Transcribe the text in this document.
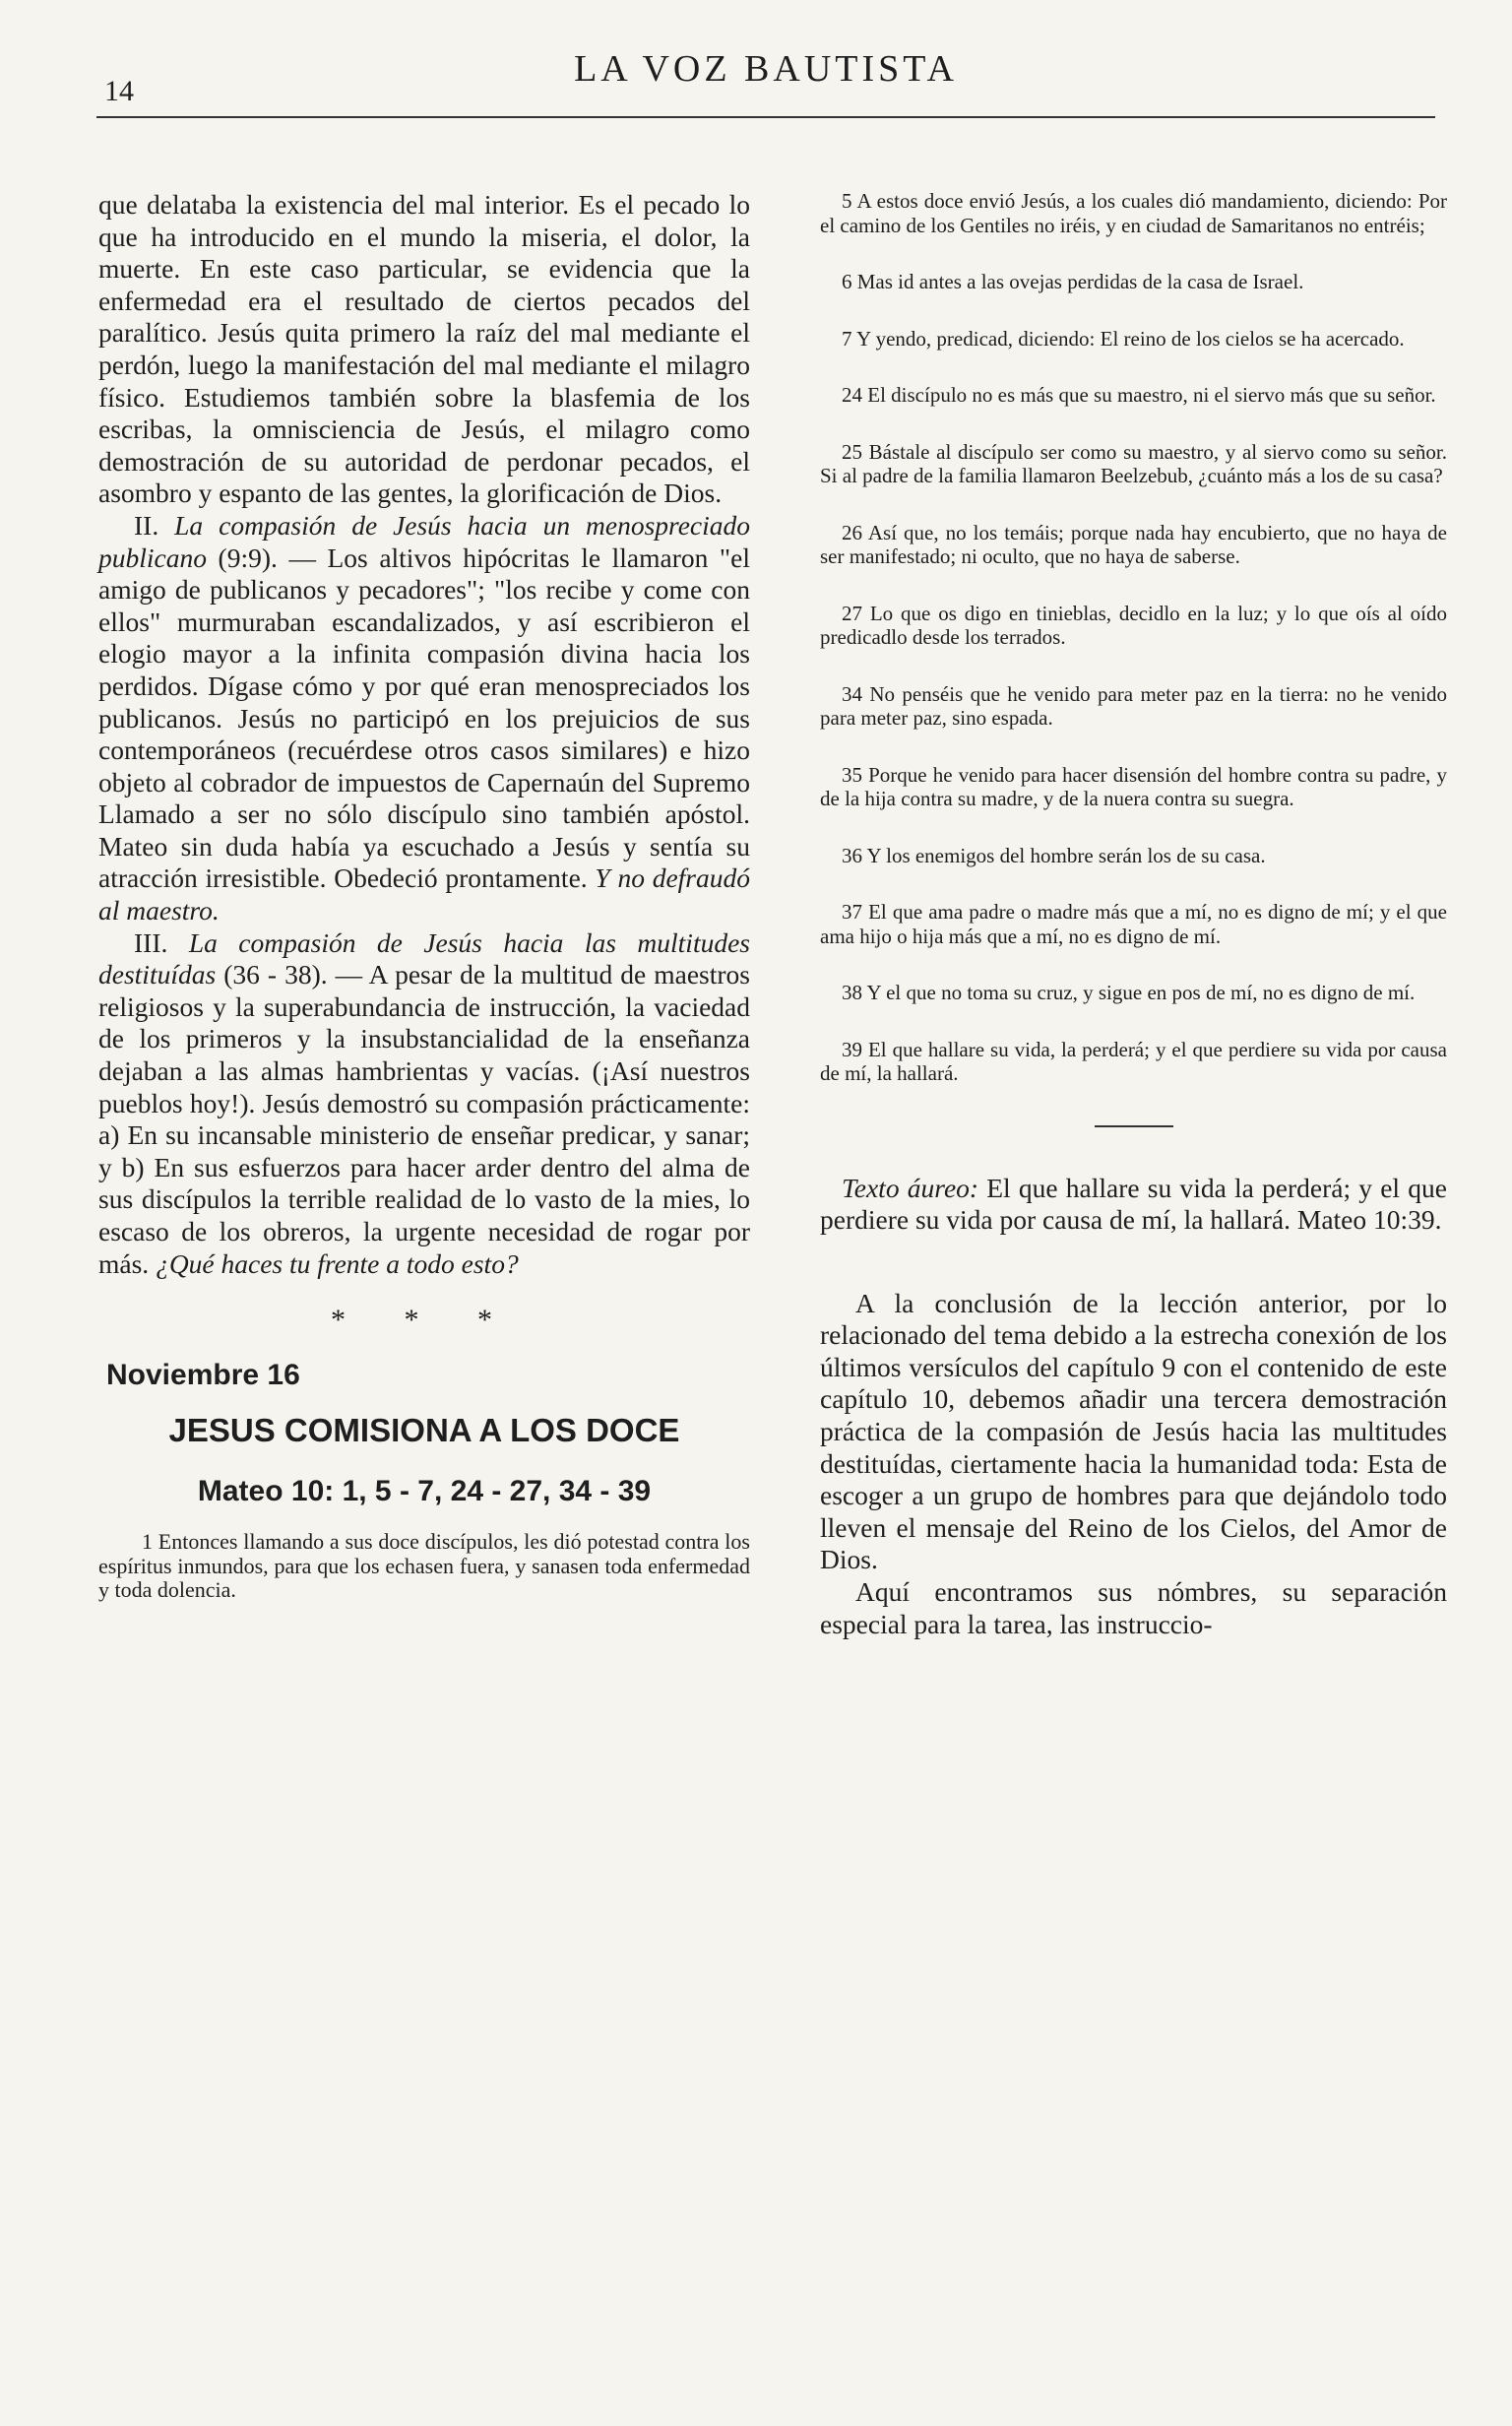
14
LA VOZ BAUTISTA

que delataba la existencia del mal interior. Es el pecado lo que ha introducido en el mundo la miseria, el dolor, la muerte. En este caso particular, se evidencia que la enfermedad era el resultado de ciertos pecados del paralítico. Jesús quita primero la raíz del mal mediante el perdón, luego la manifestación del mal mediante el milagro físico. Estudiemos también sobre la blasfemia de los escribas, la omnisciencia de Jesús, el milagro como demostración de su autoridad de perdonar pecados, el asombro y espanto de las gentes, la glorificación de Dios.

II. La compasión de Jesús hacia un menospreciado publicano (9:9). — Los altivos hipócritas le llamaron "el amigo de publicanos y pecadores"; "los recibe y come con ellos" murmuraban escandalizados, y así escribieron el elogio mayor a la infinita compasión divina hacia los perdidos. Dígase cómo y por qué eran menospreciados los publicanos. Jesús no participó en los prejuicios de sus contemporáneos (recuérdese otros casos similares) e hizo objeto al cobrador de impuestos de Capernaún del Supremo Llamado a ser no sólo discípulo sino también apóstol. Mateo sin duda había ya escuchado a Jesús y sentía su atracción irresistible. Obedeció prontamente. Y no defraudó al maestro.

III. La compasión de Jesús hacia las multitudes destituídas (36 - 38). — A pesar de la multitud de maestros religiosos y la superabundancia de instrucción, la vaciedad de los primeros y la insubstancialidad de la enseñanza dejaban a las almas hambrientas y vacías. (¡Así nuestros pueblos hoy!). Jesús demostró su compasión prácticamente: a) En su incansable ministerio de enseñar predicar, y sanar; y b) En sus esfuerzos para hacer arder dentro del alma de sus discípulos la terrible realidad de lo vasto de la mies, lo escaso de los obreros, la urgente necesidad de rogar por más. ¿Qué haces tu frente a todo esto?

* * *
Noviembre 16
JESUS COMISIONA A LOS DOCE
Mateo 10: 1, 5 - 7, 24 - 27, 34 - 39

1 Entonces llamando a sus doce discípulos, les dió potestad contra los espíritus inmundos, para que los echasen fuera, y sanasen toda enfermedad y toda dolencia.

5 A estos doce envió Jesús, a los cuales dió mandamiento, diciendo: Por el camino de los Gentiles no iréis, y en ciudad de Samaritanos no entréis;

6 Mas id antes a las ovejas perdidas de la casa de Israel.

7 Y yendo, predicad, diciendo: El reino de los cielos se ha acercado.

24 El discípulo no es más que su maestro, ni el siervo más que su señor.

25 Bástale al discípulo ser como su maestro, y al siervo como su señor. Si al padre de la familia llamaron Beelzebub, ¿cuánto más a los de su casa?

26 Así que, no los temáis; porque nada hay encubierto, que no haya de ser manifestado; ni oculto, que no haya de saberse.

27 Lo que os digo en tinieblas, decidlo en la luz; y lo que oís al oído predicadlo desde los terrados.

34 No penséis que he venido para meter paz en la tierra: no he venido para meter paz, sino espada.

35 Porque he venido para hacer disensión del hombre contra su padre, y de la hija contra su madre, y de la nuera contra su suegra.

36 Y los enemigos del hombre serán los de su casa.

37 El que ama padre o madre más que a mí, no es digno de mí; y el que ama hijo o hija más que a mí, no es digno de mí.

38 Y el que no toma su cruz, y sigue en pos de mí, no es digno de mí.

39 El que hallare su vida, la perderá; y el que perdiere su vida por causa de mí, la hallará.

Texto áureo: El que hallare su vida la perderá; y el que perdiere su vida por causa de mí, la hallará. Mateo 10:39.

A la conclusión de la lección anterior, por lo relacionado del tema debido a la estrecha conexión de los últimos versículos del capítulo 9 con el contenido de este capítulo 10, debemos añadir una tercera demostración práctica de la compasión de Jesús hacia las multitudes destituídas, ciertamente hacia la humanidad toda: Esta de escoger a un grupo de hombres para que dejándolo todo lleven el mensaje del Reino de los Cielos, del Amor de Dios.

Aquí encontramos sus nómbres, su separación especial para la tarea, las instruccio-
